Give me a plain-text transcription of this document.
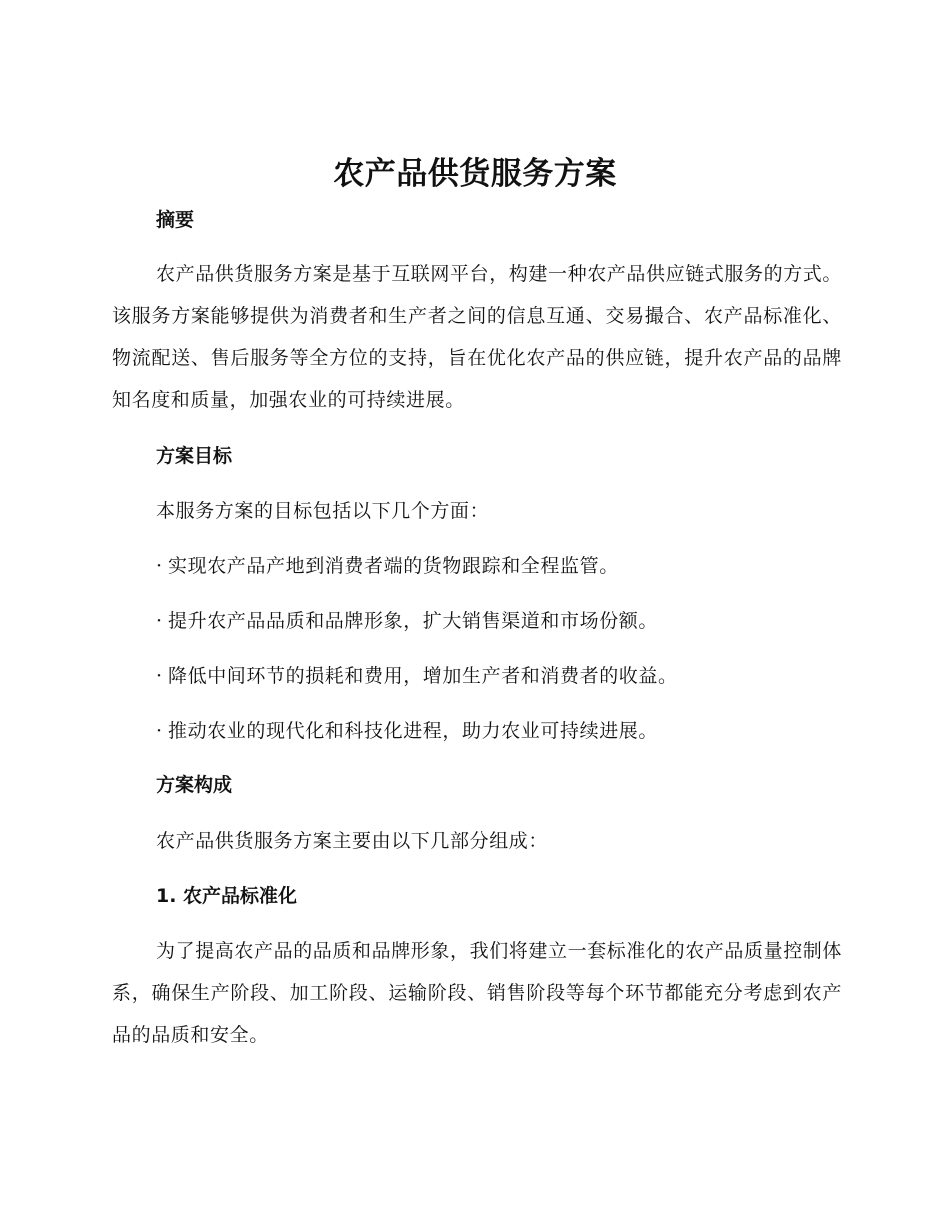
农产品供货服务方案
摘要

农产品供货服务方案是基于互联网平台，构建一种农产品供应链式服务的方式。该服务方案能够提供为消费者和生产者之间的信息互通、交易撮合、农产品标准化、物流配送、售后服务等全方位的支持，旨在优化农产品的供应链，提升农产品的品牌知名度和质量，加强农业的可持续进展。

方案目标
本服务方案的目标包括以下几个方面：
· 实现农产品产地到消费者端的货物跟踪和全程监管。
· 提升农产品品质和品牌形象，扩大销售渠道和市场份额。
· 降低中间环节的损耗和费用，增加生产者和消费者的收益。
· 推动农业的现代化和科技化进程，助力农业可持续进展。
方案构成
农产品供货服务方案主要由以下几部分组成：
1. 农产品标准化

为了提高农产品的品质和品牌形象，我们将建立一套标准化的农产品质量控制体系，确保生产阶段、加工阶段、运输阶段、销售阶段等每个环节都能充分考虑到农产品的品质和安全。
